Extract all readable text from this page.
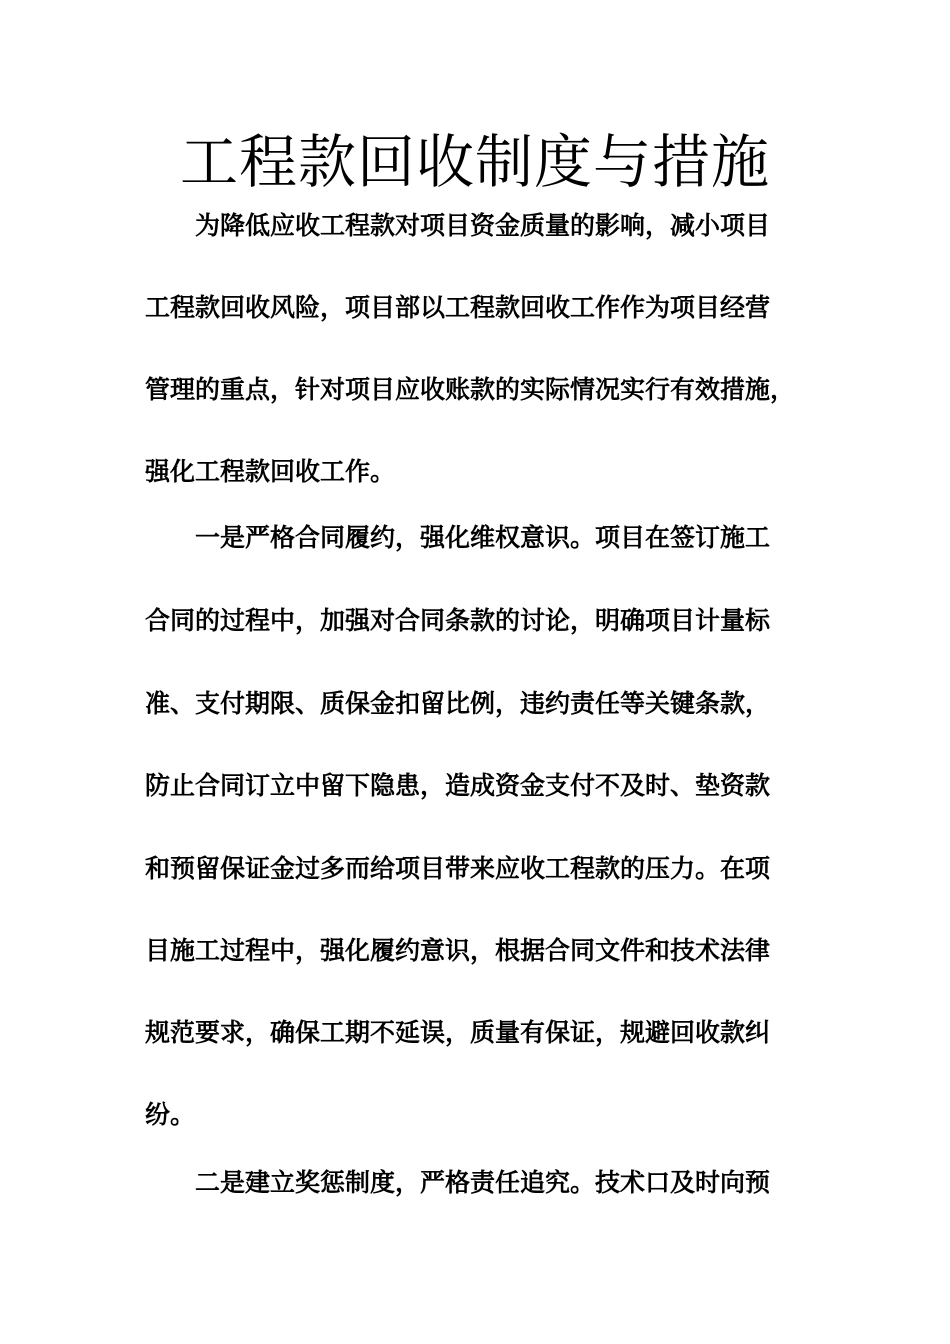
工程款回收制度与措施

为降低应收工程款对项目资金质量的影响，减小项目

工程款回收风险，项目部以工程款回收工作作为项目经营

管理的重点，针对项目应收账款的实际情况实行有效措施，

强化工程款回收工作。

一是严格合同履约，强化维权意识。项目在签订施工

合同的过程中，加强对合同条款的讨论，明确项目计量标

准、支付期限、质保金扣留比例，违约责任等关键条款，

防止合同订立中留下隐患，造成资金支付不及时、垫资款

和预留保证金过多而给项目带来应收工程款的压力。在项

目施工过程中，强化履约意识，根据合同文件和技术法律

规范要求，确保工期不延误，质量有保证，规避回收款纠

纷。

二是建立奖惩制度，严格责任追究。技术口及时向预
